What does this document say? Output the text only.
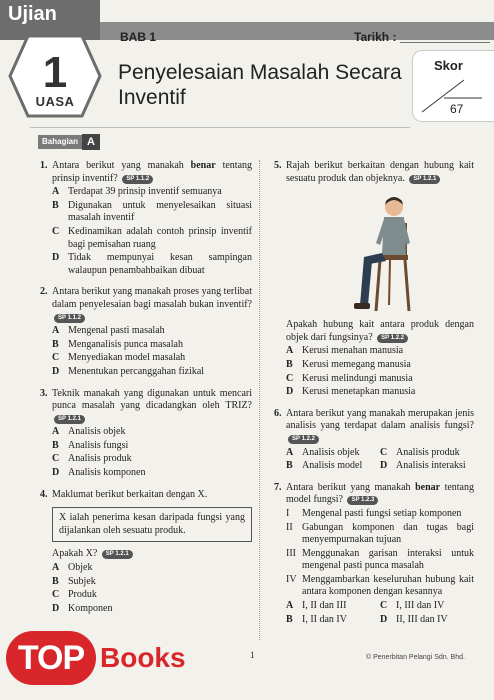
Ujian
1
UASA
BAB 1	Tarikh :
Penyelesaian Masalah Secara Inventif
Skor
67
Bahagian A
1. Antara berikut yang manakah benar tentang prinsip inventif? SP 1.1.2
A Terdapat 39 prinsip inventif semuanya
B Digunakan untuk menyelesaikan situasi masalah inventif
C Kedinamikan adalah contoh prinsip inventif bagi pemisahan ruang
D Tidak mempunyai kesan sampingan walaupun penambahbaikan dibuat
2. Antara berikut yang manakah proses yang terlibat dalam penyelesaian bagi masalah bukan inventif? SP 1.1.2
A Mengenal pasti masalah
B Menganalisis punca masalah
C Menyediakan model masalah
D Menentukan percanggahan fizikal
3. Teknik manakah yang digunakan untuk mencari punca masalah yang dicadangkan oleh TRIZ? SP 1.2.1
A Analisis objek
B Analisis fungsi
C Analisis produk
D Analisis komponen
4. Maklumat berikut berkaitan dengan X.
X ialah penerima kesan daripada fungsi yang dijalankan oleh sesuatu produk.
Apakah X? SP 1.2.1
A Objek
B Subjek
C Produk
D Komponen
5. Rajah berikut berkaitan dengan hubung kait sesuatu produk dan objeknya. SP 1.2.1
Apakah hubung kait antara produk dengan objek dari fungsinya? SP 1.2.2
A Kerusi menahan manusia
B Kerusi memegang manusia
C Kerusi melindungi manusia
D Kerusi menetapkan manusia
6. Antara berikut yang manakah merupakan jenis analisis yang terdapat dalam analisis fungsi? SP 1.2.2
A Analisis objek C Analisis produk
B Analisis model D Analisis interaksi
7. Antara berikut yang manakah benar tentang model fungsi? SP 1.2.3
I	Mengenal pasti fungsi setiap komponen
II Gabungan komponen dan tugas bagi menyempurnakan tujuan
III Menggunakan garisan interaksi untuk mengenal pasti punca masalah
IV Menggambarkan keseluruhan hubung kait antara komponen dengan kesannya
A I, II dan III	C I, III dan IV
B I, II dan IV	D II, III dan IV
1	© Penerbitan Pelangi Sdn. Bhd.
TOP Books
